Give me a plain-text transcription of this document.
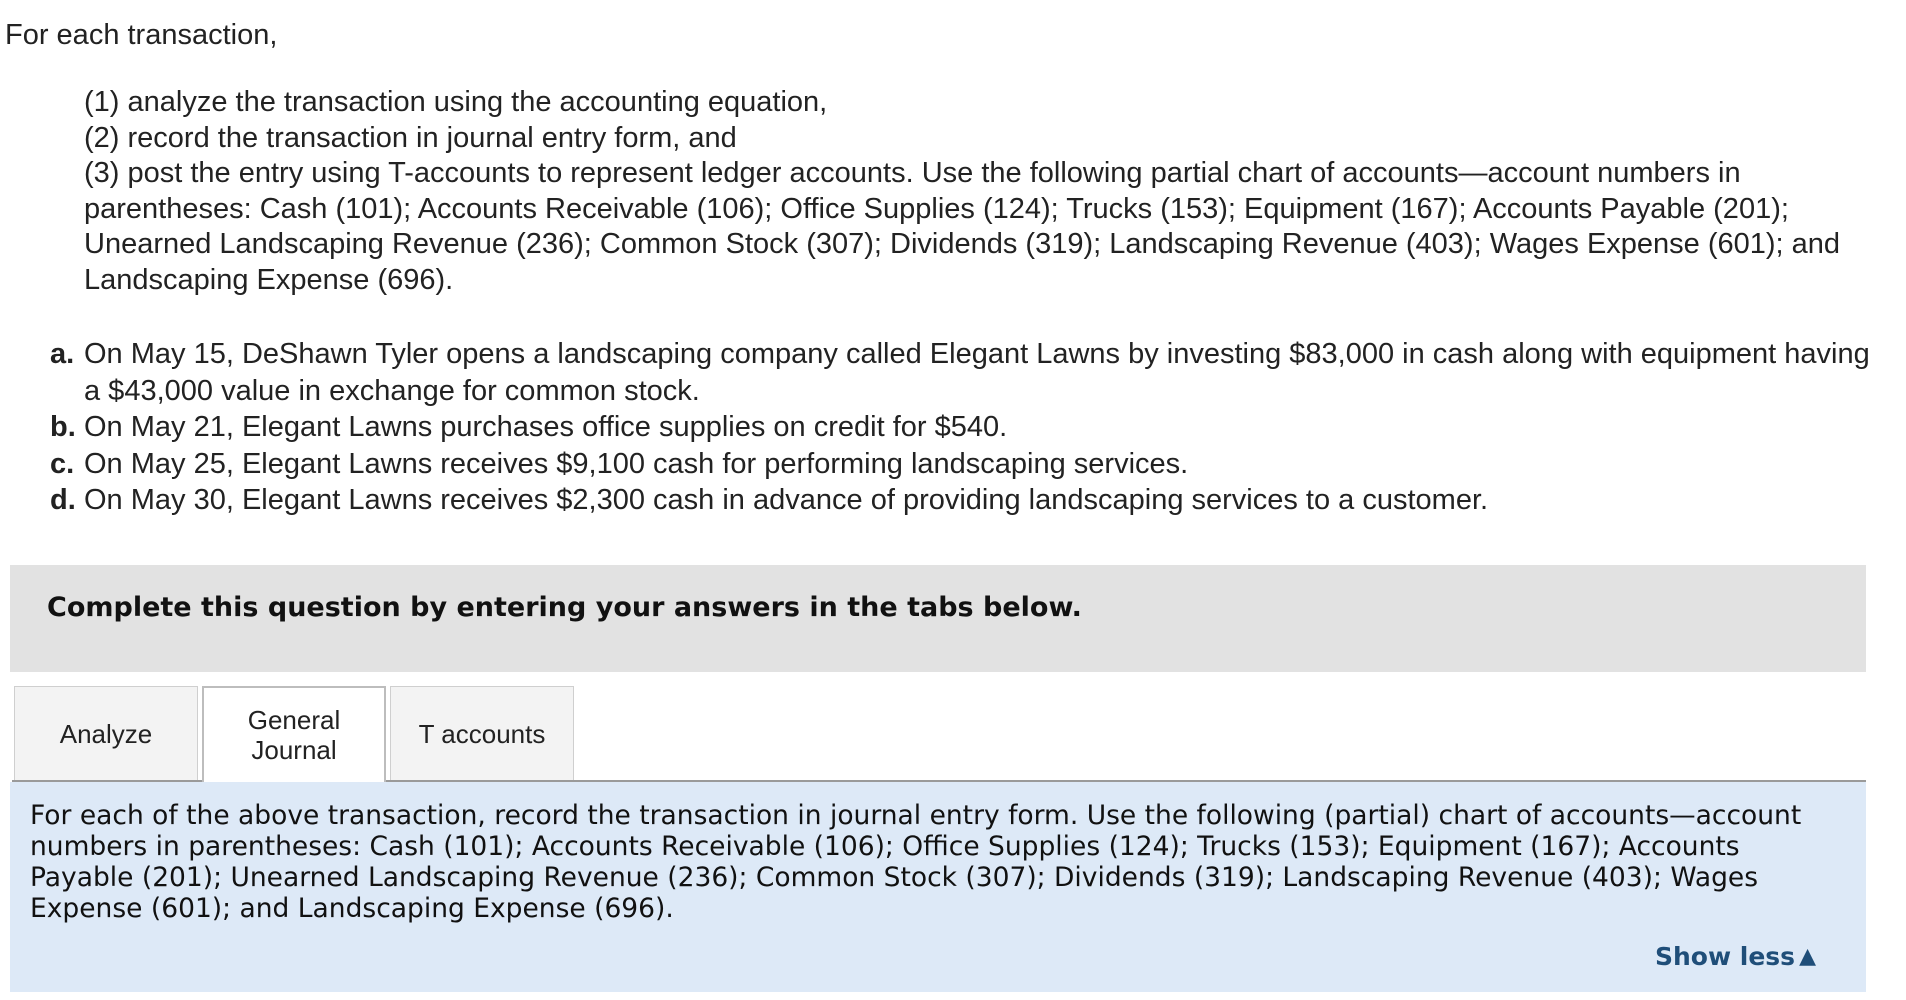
For each transaction,
(1) analyze the transaction using the accounting equation,
(2) record the transaction in journal entry form, and
(3) post the entry using T-accounts to represent ledger accounts. Use the following partial chart of accounts—account numbers in parentheses: Cash (101); Accounts Receivable (106); Office Supplies (124); Trucks (153); Equipment (167); Accounts Payable (201); Unearned Landscaping Revenue (236); Common Stock (307); Dividends (319); Landscaping Revenue (403); Wages Expense (601); and Landscaping Expense (696).
a. On May 15, DeShawn Tyler opens a landscaping company called Elegant Lawns by investing $83,000 in cash along with equipment having a $43,000 value in exchange for common stock.
b. On May 21, Elegant Lawns purchases office supplies on credit for $540.
c. On May 25, Elegant Lawns receives $9,100 cash for performing landscaping services.
d. On May 30, Elegant Lawns receives $2,300 cash in advance of providing landscaping services to a customer.
Complete this question by entering your answers in the tabs below.
Analyze	General
Journal
T accounts
For each of the above transaction, record the transaction in journal entry form. Use the following (partial) chart of accounts—account numbers in parentheses: Cash (101); Accounts Receivable (106); Office Supplies (124); Trucks (153); Equipment (167); Accounts Payable (201); Unearned Landscaping Revenue (236); Common Stock (307); Dividends (319); Landscaping Revenue (403); Wages Expense (601); and Landscaping Expense (696).
Show less ▲
